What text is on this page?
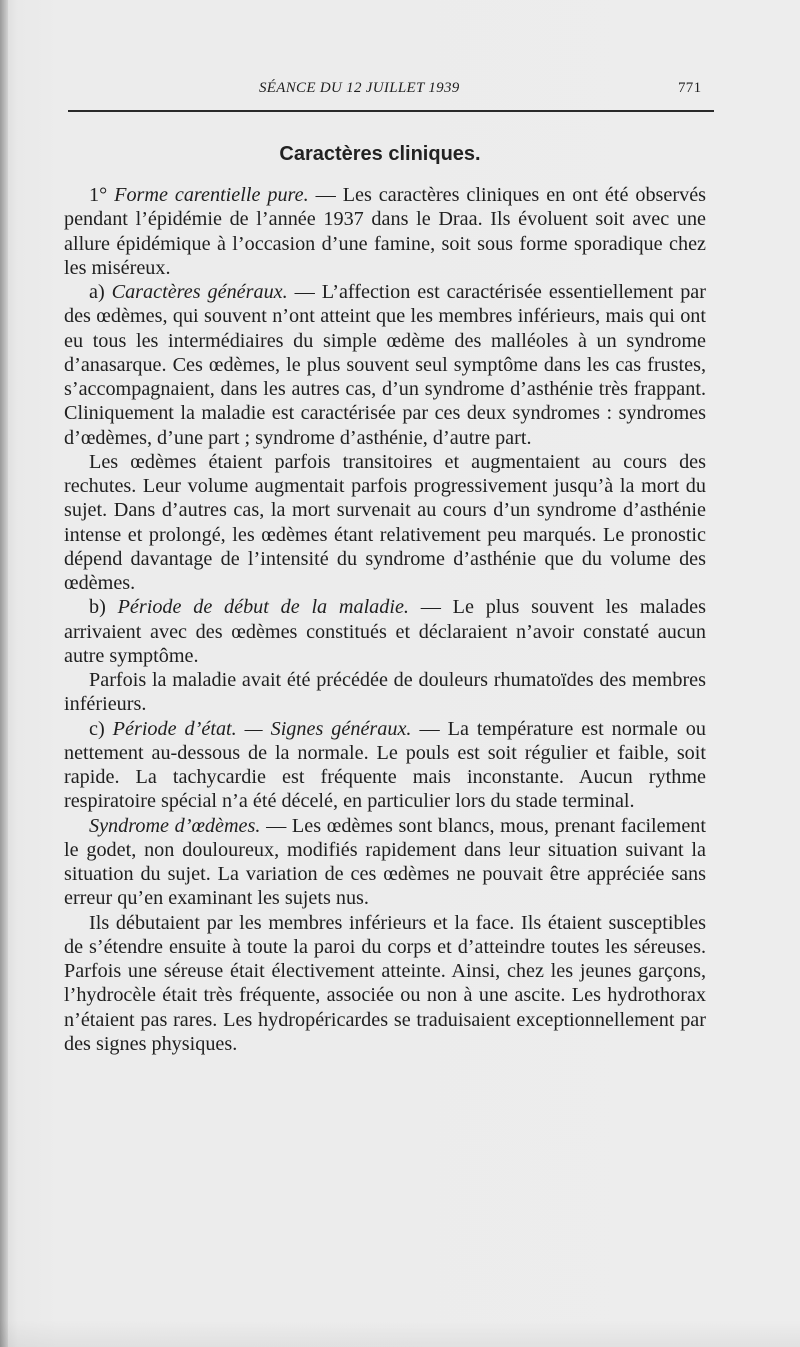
SÉANCE DU 12 JUILLET 1939	771
Caractères cliniques.

1° Forme carentielle pure. — Les caractères cliniques en ont été observés pendant l’épidémie de l’année 1937 dans le Draa. Ils évoluent soit avec une allure épidémique à l’occasion d’une famine, soit sous forme sporadique chez les miséreux.

a) Caractères généraux. — L’affection est caractérisée essentiellement par des œdèmes, qui souvent n’ont atteint que les membres inférieurs, mais qui ont eu tous les intermédiaires du simple œdème des malléoles à un syndrome d’anasarque. Ces œdèmes, le plus souvent seul symptôme dans les cas frustes, s’accompagnaient, dans les autres cas, d’un syndrome d’asthénie très frappant. Cliniquement la maladie est caractérisée par ces deux syndromes : syndromes d’œdèmes, d’une part ; syndrome d’asthénie, d’autre part.

Les œdèmes étaient parfois transitoires et augmentaient au cours des rechutes. Leur volume augmentait parfois progressivement jusqu’à la mort du sujet. Dans d’autres cas, la mort survenait au cours d’un syndrome d’asthénie intense et prolongé, les œdèmes étant relativement peu marqués. Le pronostic dépend davantage de l’intensité du syndrome d’asthénie que du volume des œdèmes.

b) Période de début de la maladie. — Le plus souvent les malades arrivaient avec des œdèmes constitués et déclaraient n’avoir constaté aucun autre symptôme.

Parfois la maladie avait été précédée de douleurs rhumatoïdes des membres inférieurs.

c) Période d’état. — Signes généraux. — La température est normale ou nettement au-dessous de la normale. Le pouls est soit régulier et faible, soit rapide. La tachycardie est fréquente mais inconstante. Aucun rythme respiratoire spécial n’a été décelé, en particulier lors du stade terminal.

Syndrome d’œdèmes. — Les œdèmes sont blancs, mous, prenant facilement le godet, non douloureux, modifiés rapidement dans leur situation suivant la situation du sujet. La variation de ces œdèmes ne pouvait être appréciée sans erreur qu’en examinant les sujets nus.

Ils débutaient par les membres inférieurs et la face. Ils étaient susceptibles de s’étendre ensuite à toute la paroi du corps et d’atteindre toutes les séreuses. Parfois une séreuse était électivement atteinte. Ainsi, chez les jeunes garçons, l’hydrocèle était très fréquente, associée ou non à une ascite. Les hydrothorax n’étaient pas rares. Les hydropéricardes se traduisaient exceptionnellement par des signes physiques.
